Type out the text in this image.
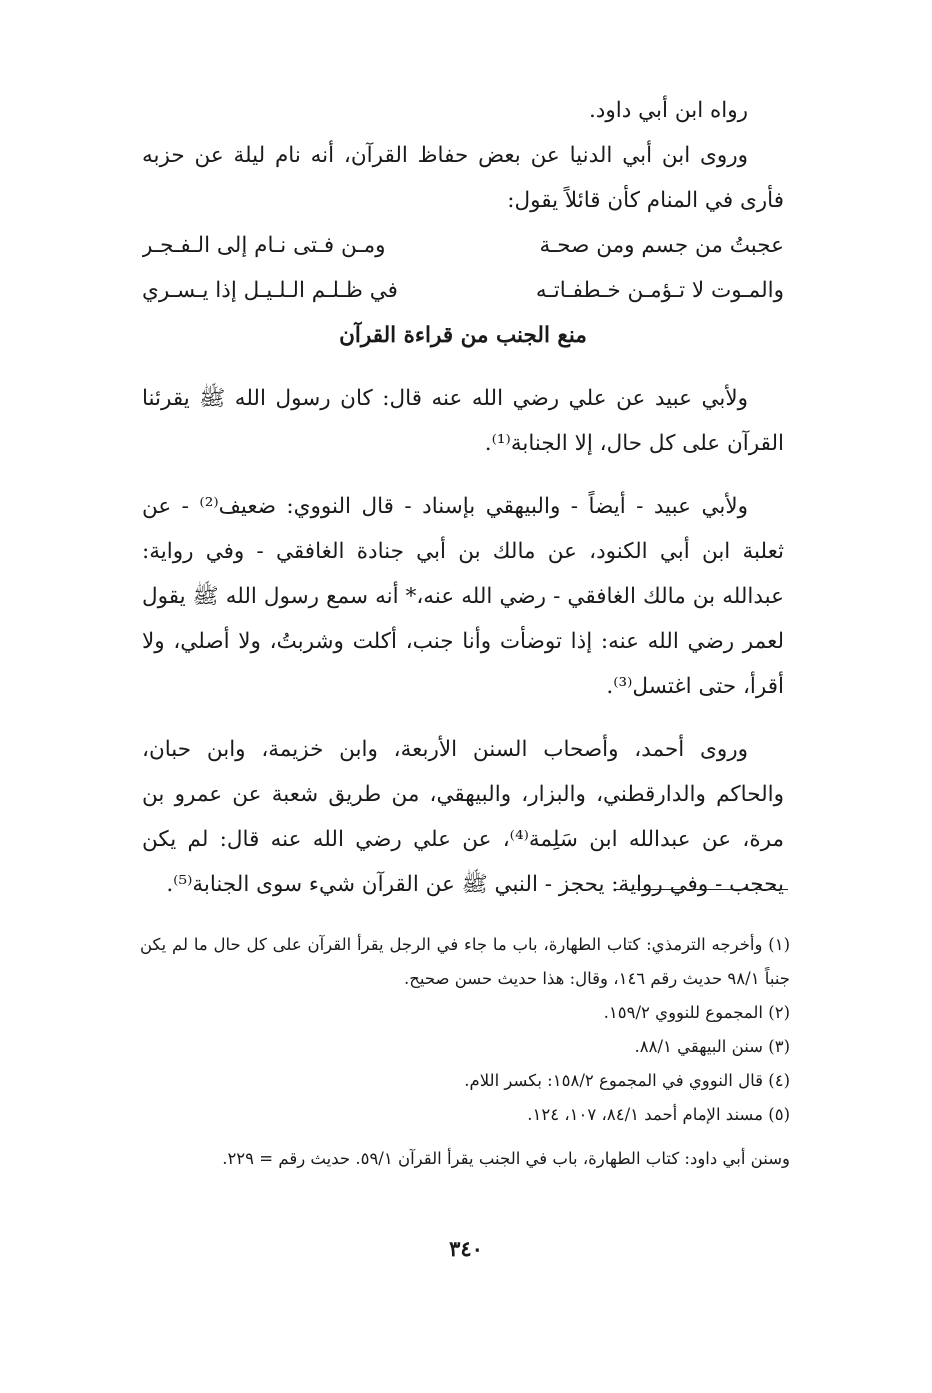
رواه ابن أبي داود.

وروى ابن أبي الدنيا عن بعض حفاظ القرآن، أنه نام ليلة عن حزبه فأرى في المنام كأن قائلاً يقول:

عجبتُ من جسم ومن صحـة
ومـن فـتى نـام إلى الـفـجـر
والمـوت لا تـؤمـن خـطفـاتـه
في ظـلـم الـلـيـل إذا يـسـري
منع الجنب من قراءة القرآن

ولأبي عبيد عن علي رضي الله عنه قال: كان رسول الله ﷺ يقرئنا القرآن على كل حال، إلا الجنابة⁽¹⁾.

ولأبي عبيد - أيضاً - والبيهقي بإسناد - قال النووي: ضعيف⁽²⁾ - عن ثعلبة ابن أبي الكنود، عن مالك بن أبي جنادة الغافقي - وفي رواية: عبدالله بن مالك الغافقي - رضي الله عنه،* أنه سمع رسول الله ﷺ يقول لعمر رضي الله عنه: إذا توضأت وأنا جنب، أكلت وشربتُ، ولا أصلي، ولا أقرأ، حتى اغتسل⁽³⁾.

وروى أحمد، وأصحاب السنن الأربعة، وابن خزيمة، وابن حبان، والحاكم والدارقطني، والبزار، والبيهقي، من طريق شعبة عن عمرو بن مرة، عن عبدالله ابن سَلِمة⁽⁴⁾، عن علي رضي الله عنه قال: لم يكن يحجب - وفي رواية: يحجز - النبي ﷺ عن القرآن شيء سوى الجنابة⁽⁵⁾.

(١) وأخرجه الترمذي: كتاب الطهارة، باب ما جاء في الرجل يقرأ القرآن على كل حال ما لم يكن جنباً ٩٨/١ حديث رقم ١٤٦، وقال: هذا حديث حسن صحيح.

(٢) المجموع للنووي ١٥٩/٢.

(٣) سنن البيهقي ٨٨/١.

(٤) قال النووي في المجموع ١٥٨/٢: بكسر اللام.

(٥) مسند الإمام أحمد ٨٤/١، ١٠٧، ١٢٤.

وسنن أبي داود: كتاب الطهارة، باب في الجنب يقرأ القرآن ٥٩/١. حديث رقم = ٢٢٩.

٣٤٠
